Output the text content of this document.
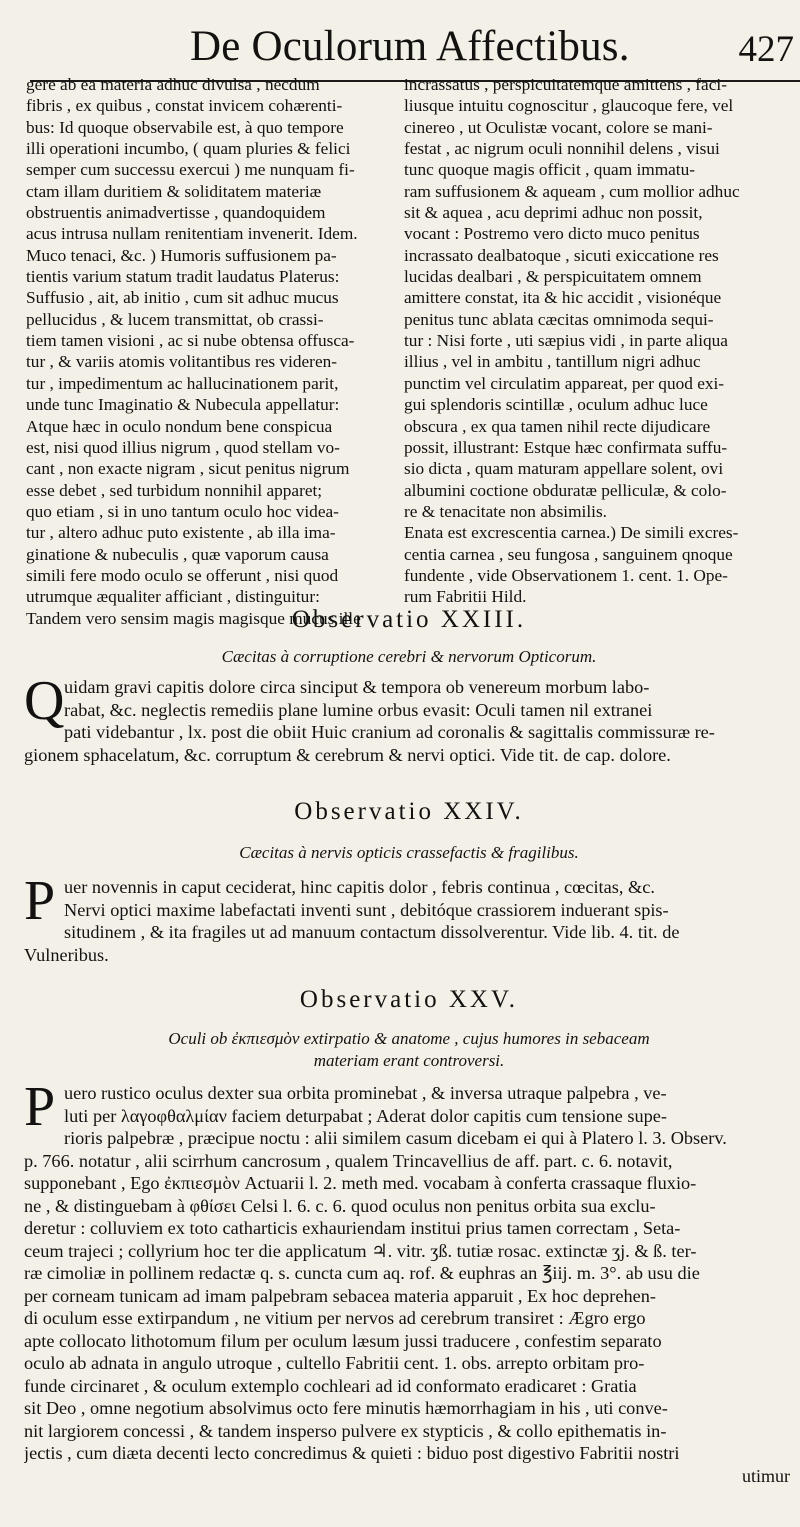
De Oculorum Affectibus.	427
gere ab ea materia adhuc divulsa , necdum
fibris , ex quibus , constat invicem cohærenti-
bus: Id quoque observabile est, à quo tempore
illi operationi incumbo, ( quam pluries & felici
semper cum successu exercui ) me nunquam fi-
ctam illam duritiem & soliditatem materiæ
obstruentis animadvertisse , quandoquidem
acus intrusa nullam renitentiam invenerit. Idem.
Muco tenaci, &c. ) Humoris suffusionem pa-
tientis varium statum tradit laudatus Platerus:
Suffusio , ait, ab initio , cum sit adhuc mucus
pellucidus , & lucem transmittat, ob crassi-
tiem tamen visioni , ac si nube obtensa offusca-
tur , & variis atomis volitantibus res videren-
tur , impedimentum ac hallucinationem parit,
unde tunc Imaginatio & Nubecula appellatur:
Atque hæc in oculo nondum bene conspicua
est, nisi quod illius nigrum , quod stellam vo-
cant , non exacte nigram , sicut penitus nigrum
esse debet , sed turbidum nonnihil apparet;
quo etiam , si in uno tantum oculo hoc videa-
tur , altero adhuc puto existente , ab illa ima-
ginatione & nubeculis , quæ vaporum causa
simili fere modo oculo se offerunt , nisi quod
utrumque æqualiter afficiant , distinguitur:
Tandem vero sensim magis magisque mucus ille
incrassatus , perspicuitatemque amittens , faci-
liusque intuitu cognoscitur , glaucoque fere, vel
cinereo , ut Oculistæ vocant, colore se mani-
festat , ac nigrum oculi nonnihil delens , visui
tunc quoque magis officit , quam immatu-
ram suffusionem & aqueam , cum mollior adhuc
sit & aquea , acu deprimi adhuc non possit,
vocant : Postremo vero dicto muco penitus
incrassato dealbatoque , sicuti exiccatione res
lucidas dealbari , & perspicuitatem omnem
amittere constat, ita & hic accidit , visionéque
penitus tunc ablata cæcitas omnimoda sequi-
tur : Nisi forte , uti sæpius vidi , in parte aliqua
illius , vel in ambitu , tantillum nigri adhuc
punctim vel circulatim appareat, per quod exi-
gui splendoris scintillæ , oculum adhuc luce
obscura , ex qua tamen nihil recte dijudicare
possit, illustrant: Estque hæc confirmata suffu-
sio dicta , quam maturam appellare solent, ovi
albumini coctione obduratæ pelliculæ, & colo-
re & tenacitate non absimilis.
Enata est excrescentia carnea.) De simili excres-
centia carnea , seu fungosa , sanguinem qnoque
fundente , vide Observationem 1. cent. 1. Ope-
rum Fabritii Hild.
Observatio XXIII.
Cæcitas à corruptione cerebri & nervorum Opticorum.
Q uidam gravi capitis dolore circa sinciput & tempora ob venereum morbum labo-
rabat, &c. neglectis remediis plane lumine orbus evasit: Oculi tamen nil extranei
pati videbantur , lx. post die obiit Huic cranium ad coronalis & sagittalis commissuræ re-
gionem sphacelatum, &c. corruptum & cerebrum & nervi optici. Vide tit. de cap. dolore.
Observatio XXIV.
Cæcitas à nervis opticis crassefactis & fragilibus.
P uer novennis in caput ceciderat, hinc capitis dolor , febris continua , cœcitas, &c.
Nervi optici maxime labefactati inventi sunt , debitóque crassiorem induerant spis-
situdinem , & ita fragiles ut ad manuum contactum dissolverentur. Vide lib. 4. tit. de
Vulneribus.
Observatio XXV.
Oculi ob ἐκπιεσμὸν extirpatio & anatome , cujus humores in sebaceam
materiam erant controversi.
P uero rustico oculus dexter sua orbita prominebat , & inversa utraque palpebra , ve-
luti per λαγοφθαλμίαν faciem deturpabat ; Aderat dolor capitis cum tensione supe-
rioris palpebræ , præcipue noctu : alii similem casum dicebam ei qui à Platero l. 3. Observ.
p. 766. notatur , alii scirrhum cancrosum , qualem Trincavellius de aff. part. c. 6. notavit,
supponebant , Ego ἐκπιεσμὸν Actuarii l. 2. meth med. vocabam à conferta crassaque fluxio-
ne , & distinguebam à φθίσει Celsi l. 6. c. 6. quod oculus non penitus orbita sua exclu-
deretur : colluviem ex toto catharticis exhauriendam institui prius tamen correctam , Seta-
ceum trajeci ; collyrium hoc ter die applicatum ♃. vitr. ʒß. tutiæ rosac. extinctæ ʒj. & ß. ter-
ræ cimoliæ in pollinem redactæ q. s. cuncta cum aq. rof. & euphras an ℥iij. m. 3°. ab usu die
per corneam tunicam ad imam palpebram sebacea materia apparuit , Ex hoc deprehen-
di oculum esse extirpandum , ne vitium per nervos ad cerebrum transiret : Ægro ergo
apte collocato lithotomum filum per oculum læsum jussi traducere , confestim separato
oculo ab adnata in angulo utroque , cultello Fabritii cent. 1. obs. arrepto orbitam pro-
funde circinaret , & oculum extemplo cochleari ad id conformato eradicaret : Gratia
sit Deo , omne negotium absolvimus octo fere minutis hæmorrhagiam in his , uti conve-
nit largiorem concessi , & tandem insperso pulvere ex stypticis , & collo epithematis in-
jectis , cum diæta decenti lecto concredimus & quieti : biduo post digestivo Fabritii nostri
utimur
